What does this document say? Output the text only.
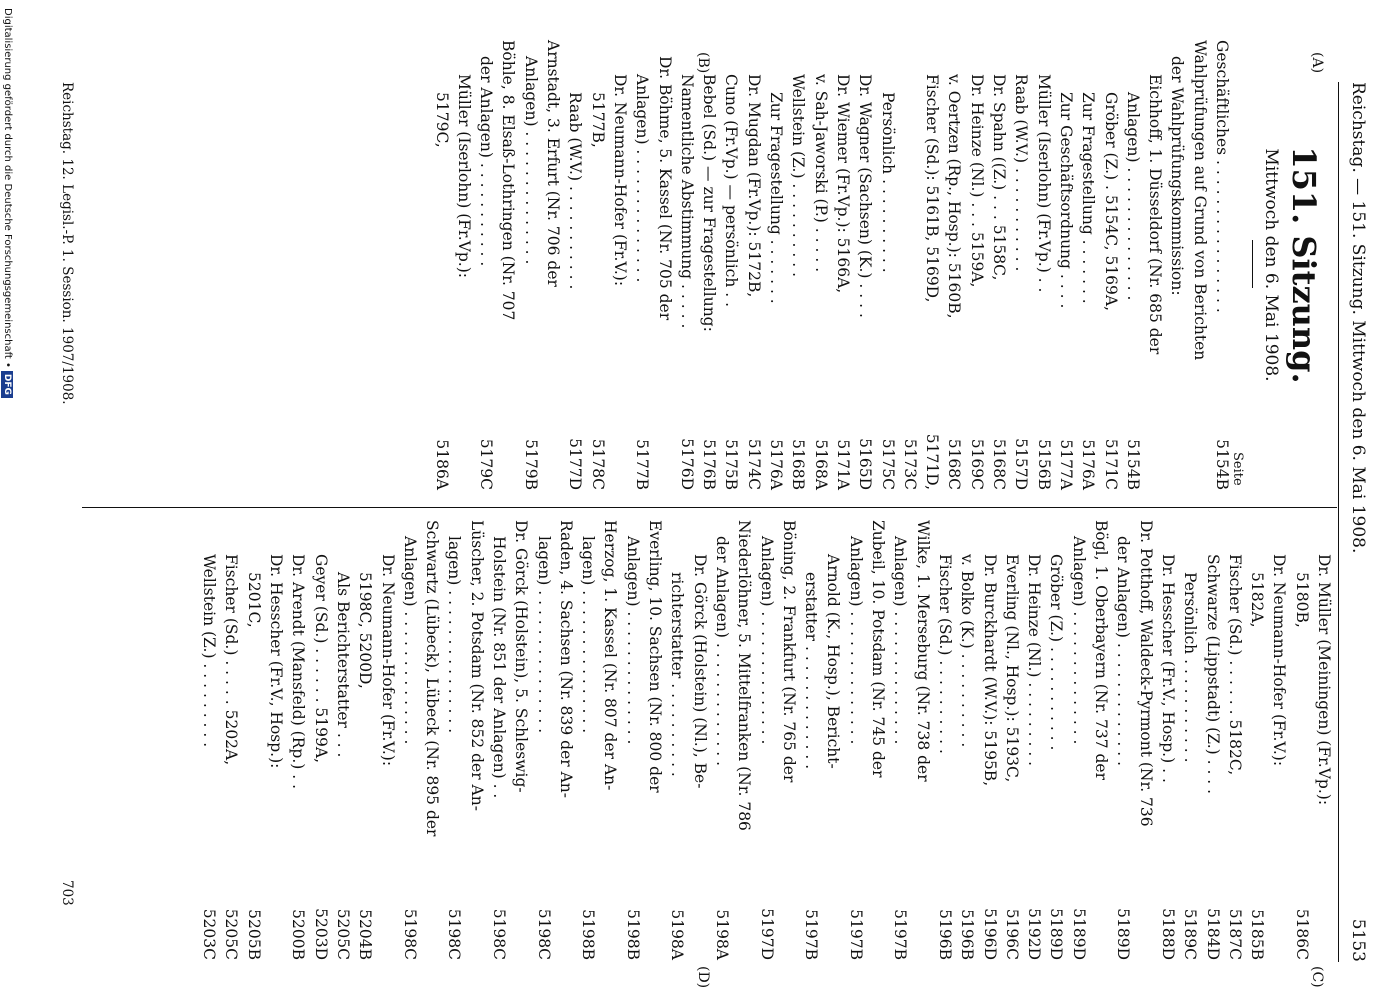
Reichstag. — 151. Sitzung. Mittwoch den 6. Mai 1908.
5153
(A)
(B)
(C)
(D)
151. Sitzung.
Mittwoch den 6. Mai 1908.
Seite
Geschäftliches . . . . . . . . . . . . . . . .
5154B
Wahlprüfungen auf Grund von Berichten
der Wahlprüfungskommission:
Eichhoff, 1. Düsseldorf (Nr. 685 der
Anlagen) . . . . . . . . . . . . . .
5154B
Gröber (Z.) . 5154C, 5169A,
5171C
Zur Fragestellung . . . . . . .
5176A
Zur Geschäftsordnung . . . .
5177A
Müller (Iserlohn) (Fr.Vp.) . .
5156B
Raab (W.V.) . . . . . . . . . . .
5157D
Dr. Spahn ((Z.) . . . 5158C,
5168C
Dr. Heinze (Nl.) . . . 5159A,
5169C
v. Oertzen (Rp., Hosp.): 5160B,
5168C
Fischer (Sd.): 5161B, 5169D,
5171D,
5173C
Persönlich . . . . . . . . . .
5175C
Dr. Wagner (Sachsen) (K.) . . . .
5165D
Dr. Wiemer (Fr.Vp.): 5166A,
5171A
v. Sah-Jaworski (P.) . . . . .
5168A
Wellstein (Z.) . . . . . . . . . .
5168B
Zur Fragestellung . . . . . . .
5176A
Dr. Mugdan (Fr.Vp.): 5172B,
5174C
Cuno (Fr.Vp.) — persönlich . .
5175B
Bebel (Sd.) — zur Fragestellung:
5176B
Namentliche Abstimmung . . . . .
5176D
Dr. Böhme, 5. Kassel (Nr. 705 der
Anlagen) . . . . . . . . . . . . . .
5177B
Dr. Neumann-Hofer (Fr.V.):
5177B,
5178C
Raab (W.V.) . . . . . . . . . . .
5177D
Arnstadt, 3. Erfurt (Nr. 706 der
Anlagen) . . . . . . . . . . . . . .
5179B
Böhle, 8. Elsaß-Lothringen (Nr. 707
der Anlagen) . . . . . . . . . . .
5179C
Müller (Iserlohn) (Fr.Vp.):
5179C,
5186A
Dr. Müller (Meiningen) (Fr.Vp.):
5180B,
5186C
Dr. Neumann-Hofer (Fr.V.):
5182A,
5185B
Fischer (Sd.) . . . . . . 5182C,
5187C
Schwarze (Lippstadt) (Z.) . . . .
5184D
Persönlich . . . . . . . . . . .
5189C
Dr. Hesscher (Fr.V., Hosp.) . .
5188D
Dr. Potthoff, Waldeck-Pyrmont (Nr. 736
der Anlagen) . . . . . . . . . . . . .
5189D
Bögl, 1. Oberbayern (Nr. 737 der
Anlagen) . . . . . . . . . . . . . .
5189D
Gröber (Z.) . . . . . . . . . . .
5189D
Dr. Heinze (Nl.) . . . . . . . . .
5192D
Everling (Nl., Hosp.): 5193C,
5196C
Dr. Burckhardt (W.V.): 5195B,
5196D
v. Bolko (K.) . . . . . . . . . .
5196B
Fischer (Sd.) . . . . . . . . . .
5196B
Wilke, 1. Merseburg (Nr. 738 der
Anlagen) . . . . . . . . . . . . . .
5197B
Zubeil, 10. Potsdam (Nr. 745 der
Anlagen) . . . . . . . . . . . . . .
5197B
Arnold (K., Hosp.), Bericht-
erstatter . . . . . . . . . . . . .
5197B
Böning, 2. Frankfurt (Nr. 765 der
Anlagen) . . . . . . . . . . . . . .
5197D
Niederlöhner, 5. Mittelfranken (Nr. 786
der Anlagen) . . . . . . . . . . . . .
5198A
Dr. Görck (Holstein) (Nl.), Be-
richterstatter . . . . . . . . . .
5198A
Everling, 10. Sachsen (Nr. 800 der
Anlagen) . . . . . . . . . . . . . .
5198B
Herzog, 1. Kassel (Nr. 807 der An-
lagen) . . . . . . . . . . . . . . .
5198B
Raden, 4. Sachsen (Nr. 839 der An-
lagen) . . . . . . . . . . . . . . .
5198C
Dr. Görck (Holstein), 5. Schleswig-
Holstein (Nr. 851 der Anlagen) . .
5198C
Lüscher, 2. Potsdam (Nr. 852 der An-
lagen) . . . . . . . . . . . . . . .
5198C
Schwartz (Lübeck), Lübeck (Nr. 895 der
Anlagen) . . . . . . . . . . . . . .
5198C
Dr. Neumann-Hofer (Fr.V.):
5198C, 5200D,
5204B
Als Berichterstatter . . .
5205C
Geyer (Sd.) . . . . . . 5199A,
5203D
Dr. Arendt (Mansfeld) (Rp.) . .
5200B
Dr. Hesscher (Fr.V., Hosp.):
5201C,
5205B
Fischer (Sd.) . . . . . 5202A,
5205C
Wellstein (Z.) . . . . . . . . .
5203C
Reichstag. 12. Legisl.-P. 1. Session. 1907/1908.
703
Digitalisierung gefördert durch die Deutsche Forschungsgemeinschaft •DFG
